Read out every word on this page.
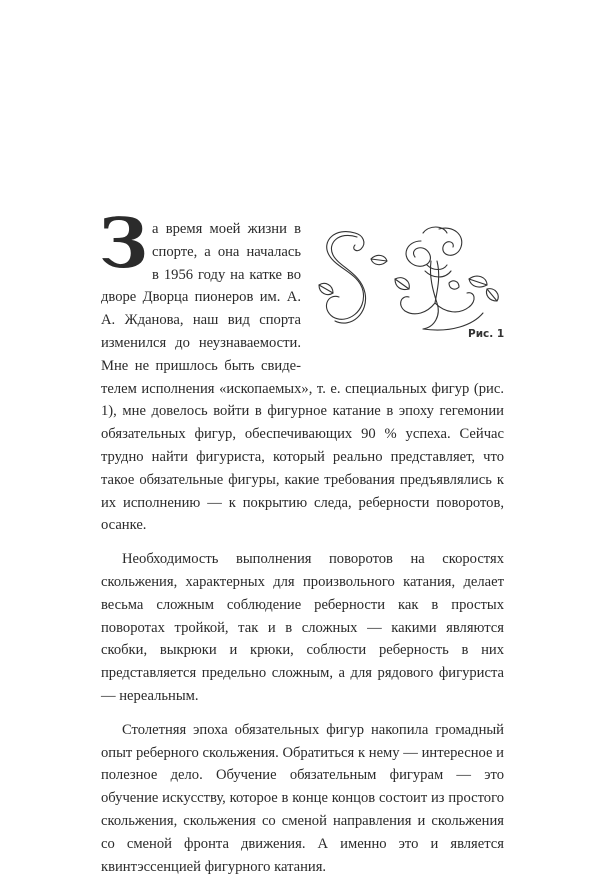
З
Рис. 1
а время моей жизни в спорте, а она началась в 1956 году на катке во дворе Дворца пионеров им. А. А. Жданова, наш вид спорта изменился до неузнаваемости. Мне не пришлось быть свидетелем исполнения «ископаемых», т. е. специальных фигур (рис. 1), мне довелось войти в фигурное катание в эпоху гегемонии обязательных фигур, обеспечивающих 90 % успеха. Сейчас трудно найти фигуриста, который реально представляет, что такое обязательные фигуры, какие требования предъявлялись к их исполнению — к покрытию следа, реберности поворотов, осанке.

Необходимость выполнения поворотов на скоростях скольжения, характерных для произвольного катания, делает весьма сложным соблюдение реберности как в простых поворотах тройкой, так и в сложных — какими являются скобки, выкрюки и крюки, соблюсти реберность в них представляется предельно сложным, а для рядового фигуриста — нереальным.

Столетняя эпоха обязательных фигур накопила громадный опыт реберного скольжения. Обратиться к нему — интересное и полезное дело. Обучение обязательным фигурам — это обучение искусству, которое в конце концов состоит из простого скольжения, скольжения со сменой направления и скольжения со сменой фронта движения. А именно это и является квинтэссенцией фигурного катания.
